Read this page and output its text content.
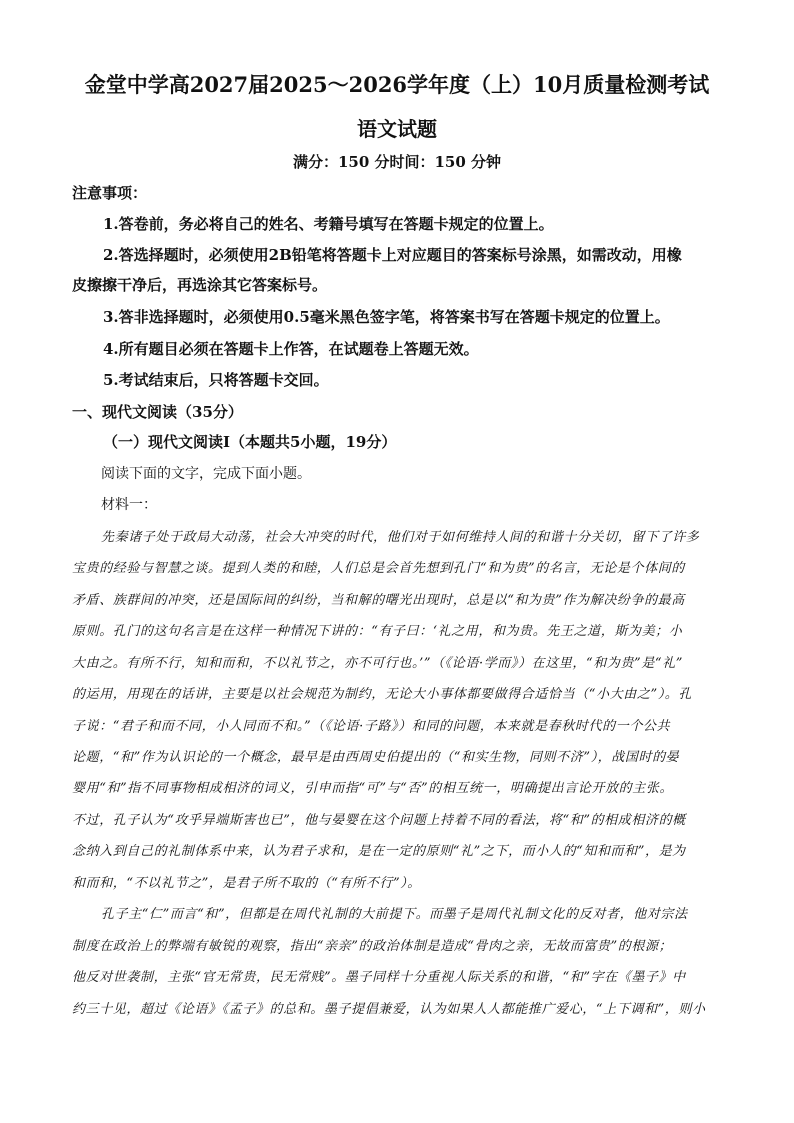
金堂中学高2027届2025～2026学年度（上）10月质量检测考试
语文试题
满分：150 分时间：150 分钟
注意事项：
1.答卷前，务必将自己的姓名、考籍号填写在答题卡规定的位置上。
2.答选择题时，必须使用2B铅笔将答题卡上对应题目的答案标号涂黑，如需改动，用橡
皮擦擦干净后，再选涂其它答案标号。
3.答非选择题时，必须使用0.5毫米黑色签字笔，将答案书写在答题卡规定的位置上。
4.所有题目必须在答题卡上作答，在试题卷上答题无效。
5.考试结束后，只将答题卡交回。
一、现代文阅读（35分）
（一）现代文阅读Ⅰ（本题共5小题，19分）
阅读下面的文字，完成下面小题。
材料一：
先秦诸子处于政局大动荡，社会大冲突的时代，他们对于如何维持人间的和谐十分关切，留下了许多
宝贵的经验与智慧之谈。提到人类的和睦，人们总是会首先想到孔门“和为贵”的名言，无论是个体间的
矛盾、族群间的冲突，还是国际间的纠纷，当和解的曙光出现时，总是以“和为贵”作为解决纷争的最高
原则。孔门的这句名言是在这样一种情况下讲的：“有子曰：‘礼之用，和为贵。先王之道，斯为美；小
大由之。有所不行，知和而和，不以礼节之，亦不可行也。’”（《论语·学而》）在这里，“和为贵”是“礼”
的运用，用现在的话讲，主要是以社会规范为制约，无论大小事体都要做得合适恰当（“小大由之”）。孔
子说：“君子和而不同，小人同而不和。”（《论语·子路》）和同的问题，本来就是春秋时代的一个公共
论题，“和”作为认识论的一个概念，最早是由西周史伯提出的（“和实生物，同则不济”），战国时的晏
婴用“和”指不同事物相成相济的词义，引申而指“可”与“否”的相互统一，明确提出言论开放的主张。
不过，孔子认为“攻乎异端斯害也已”，他与晏婴在这个问题上持着不同的看法，将“和”的相成相济的概
念纳入到自己的礼制体系中来，认为君子求和，是在一定的原则“礼”之下，而小人的“知和而和”，是为
和而和，“不以礼节之”，是君子所不取的（“有所不行”）。
孔子主“仁”而言“和”，但都是在周代礼制的大前提下。而墨子是周代礼制文化的反对者，他对宗法
制度在政治上的弊端有敏锐的观察，指出“亲亲”的政治体制是造成“骨肉之亲，无故而富贵”的根源；
他反对世袭制，主张“官无常贵，民无常贱”。墨子同样十分重视人际关系的和谐，“和”字在《墨子》中
约三十见，超过《论语》《孟子》的总和。墨子提倡兼爱，认为如果人人都能推广爱心，“上下调和”，则小
